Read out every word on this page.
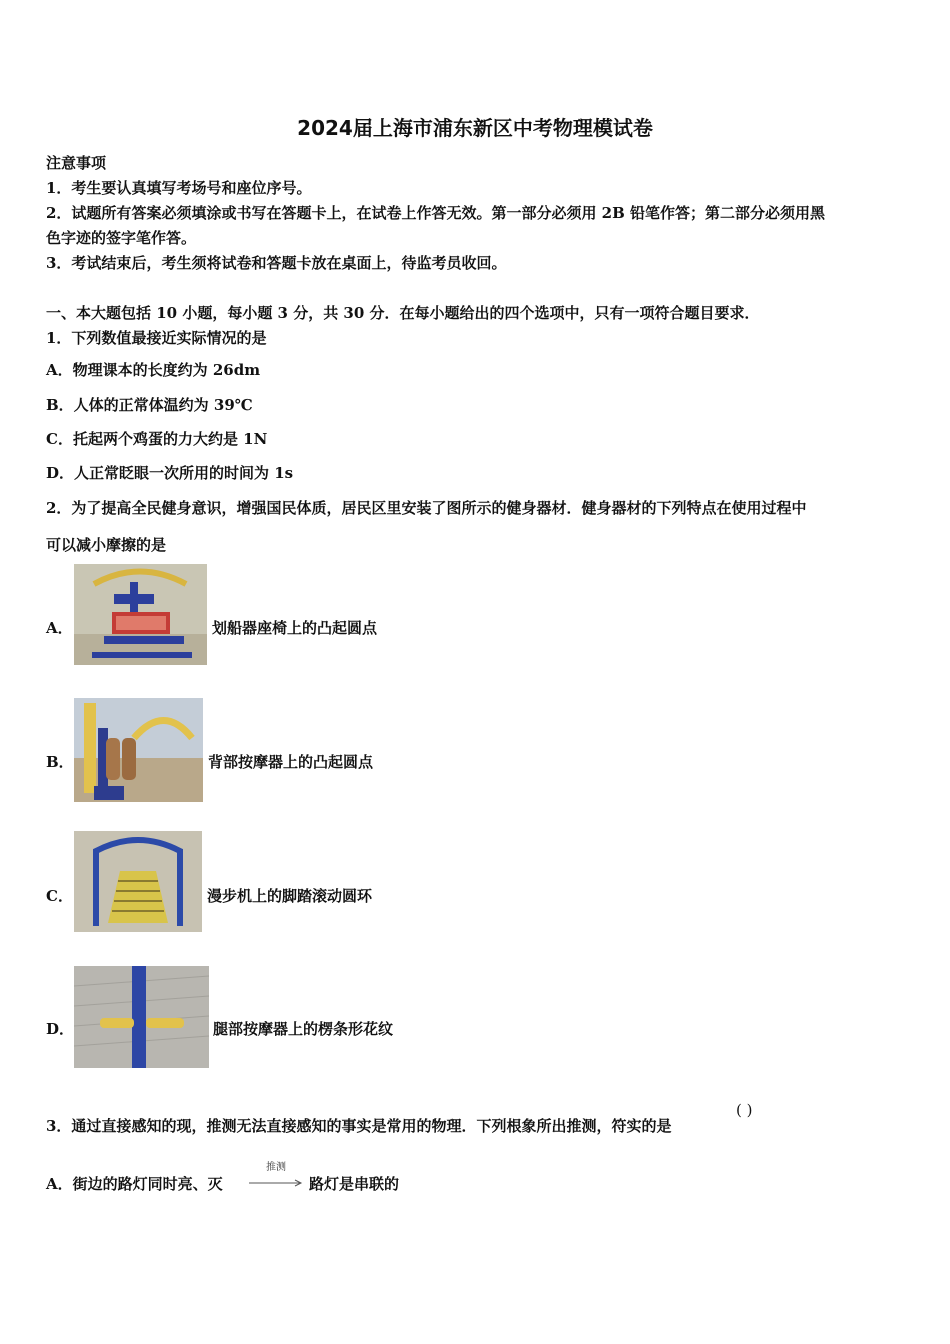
2024届上海市浦东新区中考物理模试卷
注意事项
1．考生要认真填写考场号和座位序号。
2．试题所有答案必须填涂或书写在答题卡上，在试卷上作答无效。第一部分必须用 2B 铅笔作答；第二部分必须用黑
色字迹的签字笔作答。
3．考试结束后，考生须将试卷和答题卡放在桌面上，待监考员收回。
一、本大题包括 10 小题，每小题 3 分，共 30 分．在每小题给出的四个选项中，只有一项符合题目要求．
1．下列数值最接近实际情况的是
A．物理课本的长度约为 26dm
B．人体的正常体温约为 39℃
C．托起两个鸡蛋的力大约是 1N
D．人正常眨眼一次所用的时间为 1s
2．为了提高全民健身意识，增强国民体质，居民区里安装了图所示的健身器材．健身器材的下列特点在使用过程中
可以减小摩擦的是
A．	划船器座椅上的凸起圆点
B．	背部按摩器上的凸起圆点
C．	漫步机上的脚踏滚动圆环
D．	腿部按摩器上的楞条形花纹
3．通过直接感知的现，推测无法直接感知的事实是常用的物理．下列根象所出推测，符实的是
( )
A．街边的路灯同时亮、灭
推测
路灯是串联的
